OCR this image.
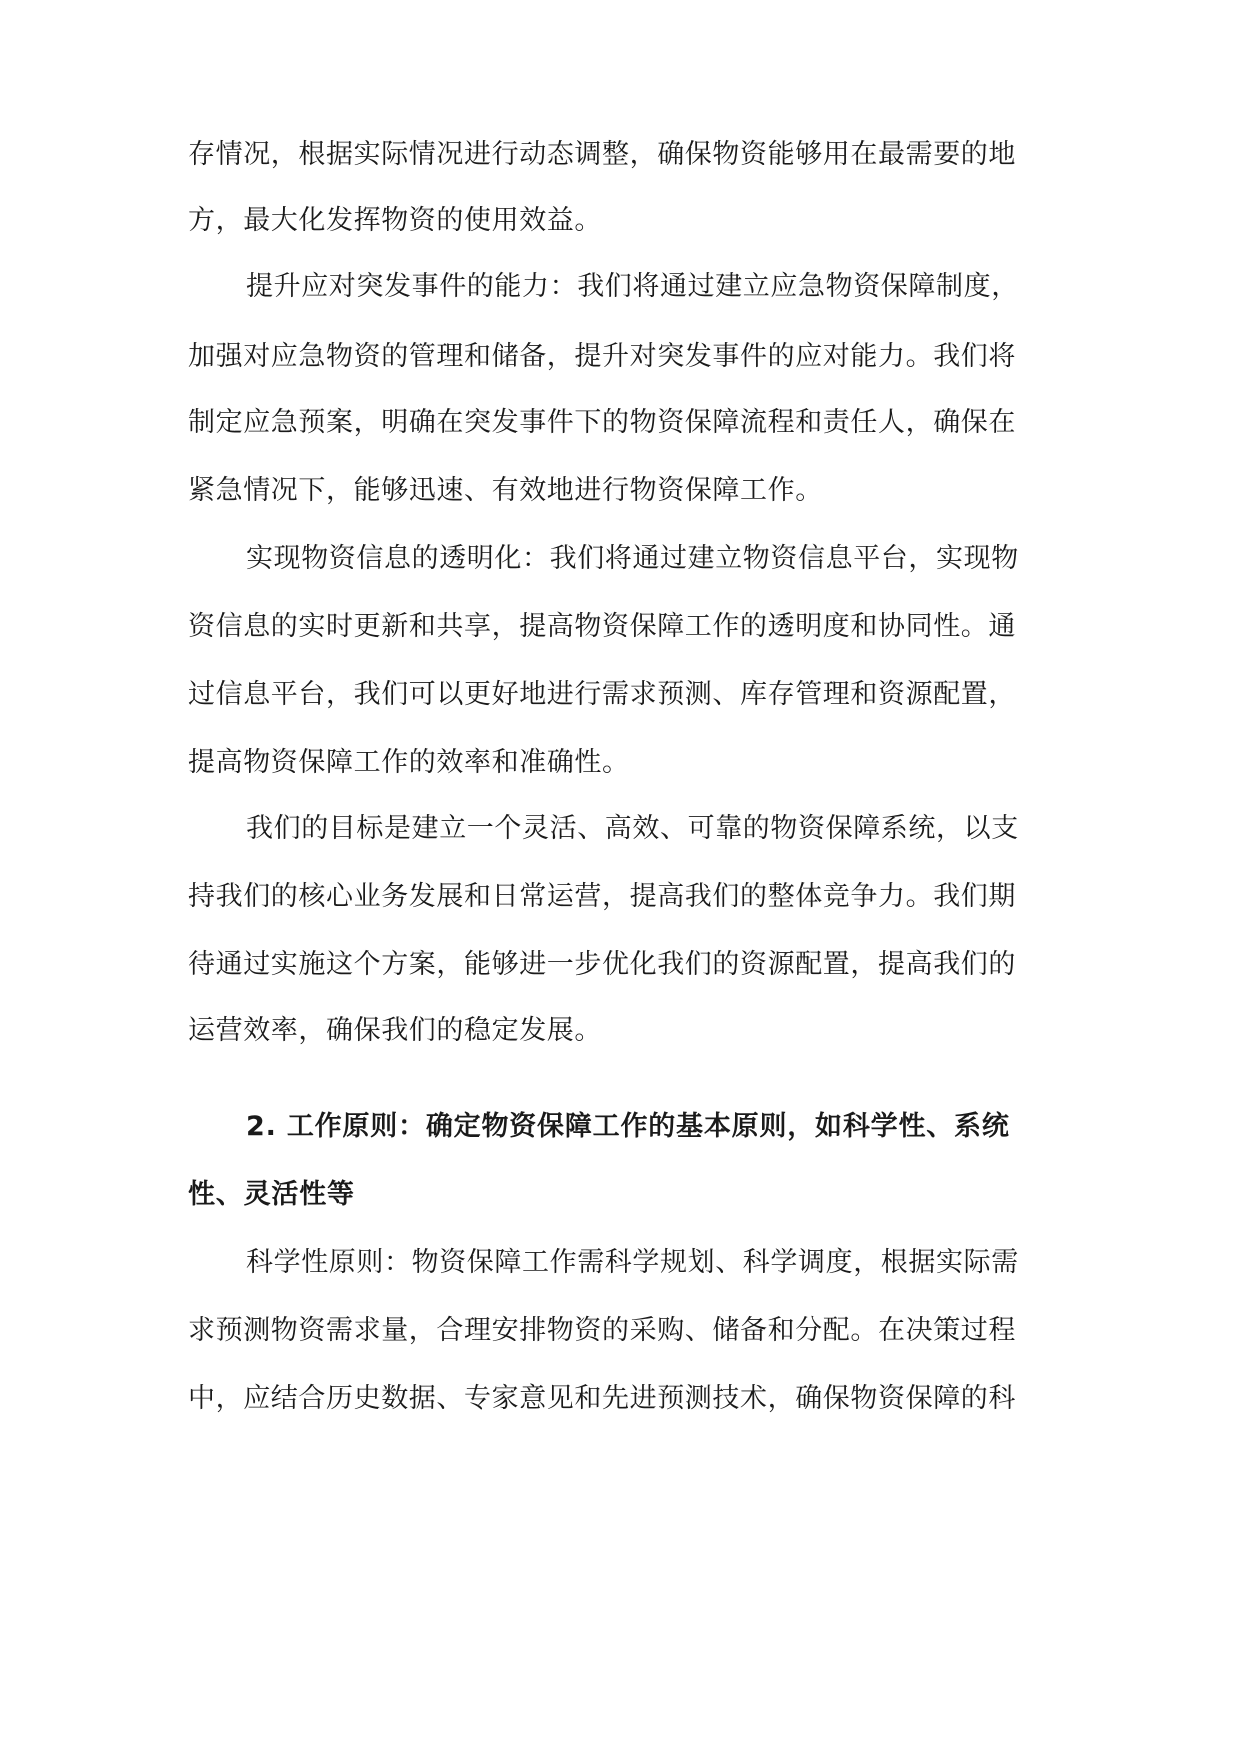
存情况，根据实际情况进行动态调整，确保物资能够用在最需要的地
方，最大化发挥物资的使用效益。
提升应对突发事件的能力：我们将通过建立应急物资保障制度，
加强对应急物资的管理和储备，提升对突发事件的应对能力。我们将
制定应急预案，明确在突发事件下的物资保障流程和责任人，确保在
紧急情况下，能够迅速、有效地进行物资保障工作。
实现物资信息的透明化：我们将通过建立物资信息平台，实现物
资信息的实时更新和共享，提高物资保障工作的透明度和协同性。通
过信息平台，我们可以更好地进行需求预测、库存管理和资源配置，
提高物资保障工作的效率和准确性。
我们的目标是建立一个灵活、高效、可靠的物资保障系统，以支
持我们的核心业务发展和日常运营，提高我们的整体竞争力。我们期
待通过实施这个方案，能够进一步优化我们的资源配置，提高我们的
运营效率，确保我们的稳定发展。
2. 工作原则：确定物资保障工作的基本原则，如科学性、系统
性、灵活性等
科学性原则：物资保障工作需科学规划、科学调度，根据实际需
求预测物资需求量，合理安排物资的采购、储备和分配。在决策过程
中，应结合历史数据、专家意见和先进预测技术，确保物资保障的科
